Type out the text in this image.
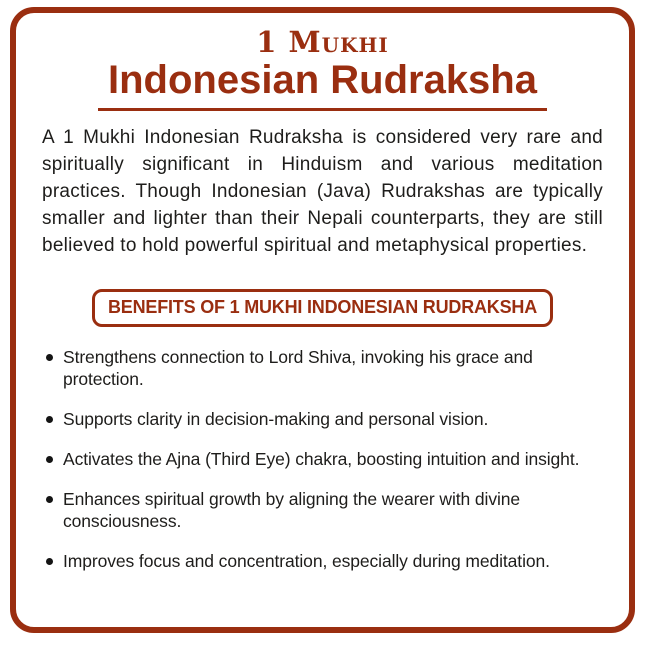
1 Mukhi
Indonesian Rudraksha

A 1 Mukhi Indonesian Rudraksha is considered very rare and spiritually significant in Hinduism and various meditation practices. Though Indonesian (Java) Rudrakshas are typically smaller and lighter than their Nepali counterparts, they are still believed to hold powerful spiritual and metaphysical properties.

BENEFITS OF 1 MUKHI INDONESIAN RUDRAKSHA
Strengthens connection to Lord Shiva, invoking his grace and protection.
Supports clarity in decision-making and personal vision.
Activates the Ajna (Third Eye) chakra, boosting intuition and insight.
Enhances spiritual growth by aligning the wearer with divine consciousness.
Improves focus and concentration, especially during meditation.
